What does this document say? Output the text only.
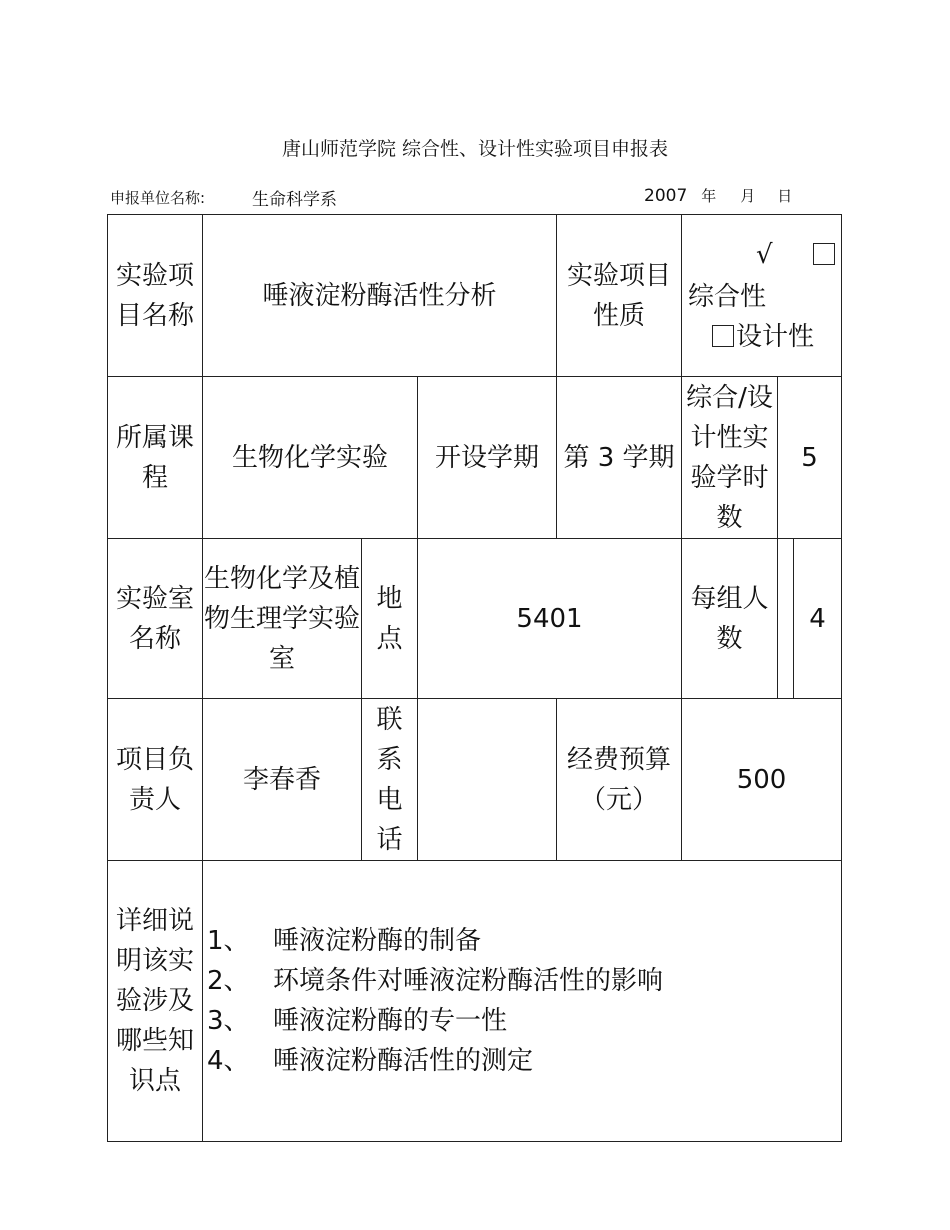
唐山师范学院 综合性、设计性实验项目申报表
申报单位名称:	生命科学系	2007 年 月 日
实验项目名称	唾液淀粉酶活性分析			实验项目性质	√
综合性
设计性		

所属课程	生物化学实验		开设学期	第 3 学期	综合/设计性实验学时数	5	
实验室名称	生物化学及植物生理学实验室	地点	5401		每组人数		4
项目负责人	李春香	联系电话		经费预算（元）	500		
详细说明该实验涉及哪些知识点	1、 唾液淀粉酶的制备
2、 环境条件对唾液淀粉酶活性的影响
3、 唾液淀粉酶的专一性
4、 唾液淀粉酶活性的测定						
